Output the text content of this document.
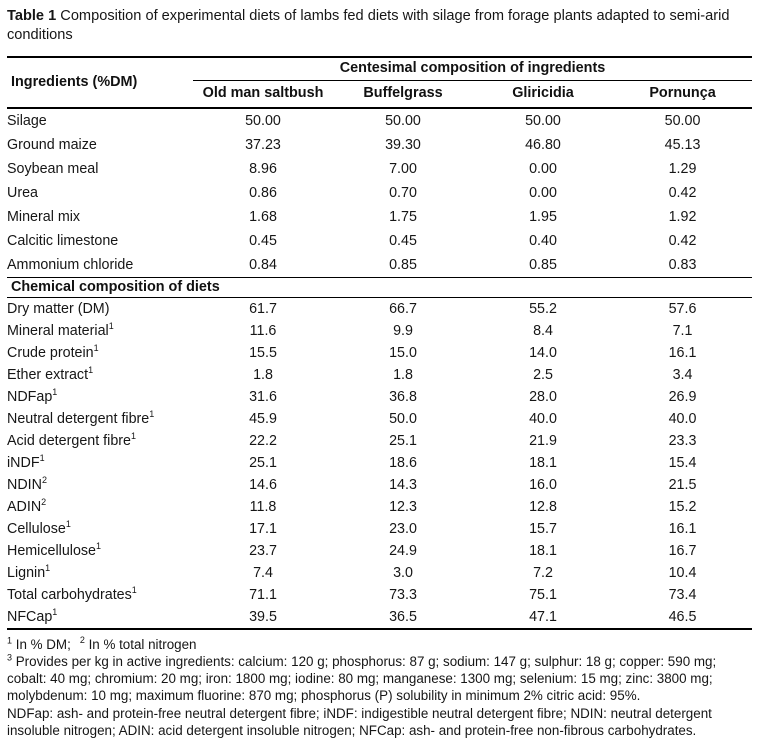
Table 1 Composition of experimental diets of lambs fed diets with silage from forage plants adapted to semi-arid conditions

Ingredients (%DM)	Centesimal composition of ingredients			
	Old man saltbush	Buffelgrass	Gliricidia	Pornunça
Silage	50.00	50.00	50.00	50.00
Ground maize	37.23	39.30	46.80	45.13
Soybean meal	8.96	7.00	0.00	1.29
Urea	0.86	0.70	0.00	0.42
Mineral mix	1.68	1.75	1.95	1.92
Calcitic limestone	0.45	0.45	0.40	0.42
Ammonium chloride	0.84	0.85	0.85	0.83
Chemical composition of diets				
Dry matter (DM)	61.7	66.7	55.2	57.6
Mineral material$^1$	11.6	9.9	8.4	7.1
Crude protein$^1$	15.5	15.0	14.0	16.1
Ether extract$^1$	1.8	1.8	2.5	3.4
NDFap$^1$	31.6	36.8	28.0	26.9
Neutral detergent fibre$^1$	45.9	50.0	40.0	40.0
Acid detergent fibre$^1$	22.2	25.1	21.9	23.3
iNDF$^1$	25.1	18.6	18.1	15.4
NDIN$^2$	14.6	14.3	16.0	21.5
ADIN$^2$	11.8	12.3	12.8	15.2
Cellulose$^1$	17.1	23.0	15.7	16.1
Hemicellulose$^1$	23.7	24.9	18.1	16.7
Lignin$^1$	7.4	3.0	7.2	10.4
Total carbohydrates$^1$	71.1	73.3	75.1	73.4
NFCap$^1$	39.5	36.5	47.1	46.5

$^1$ In % DM; $^2$ In % total nitrogen

$^3$ Provides per kg in active ingredients: calcium: 120 g; phosphorus: 87 g; sodium: 147 g; sulphur: 18 g; copper: 590 mg; cobalt: 40 mg; chromium: 20 mg; iron: 1800 mg; iodine: 80 mg; manganese: 1300 mg; selenium: 15 mg; zinc: 3800 mg; molybdenum: 10 mg; maximum fluorine: 870 mg; phosphorus (P) solubility in minimum 2% citric acid: 95%.

NDFap: ash- and protein-free neutral detergent fibre; iNDF: indigestible neutral detergent fibre; NDIN: neutral detergent insoluble nitrogen; ADIN: acid detergent insoluble nitrogen; NFCap: ash- and protein-free non-fibrous carbohydrates.
